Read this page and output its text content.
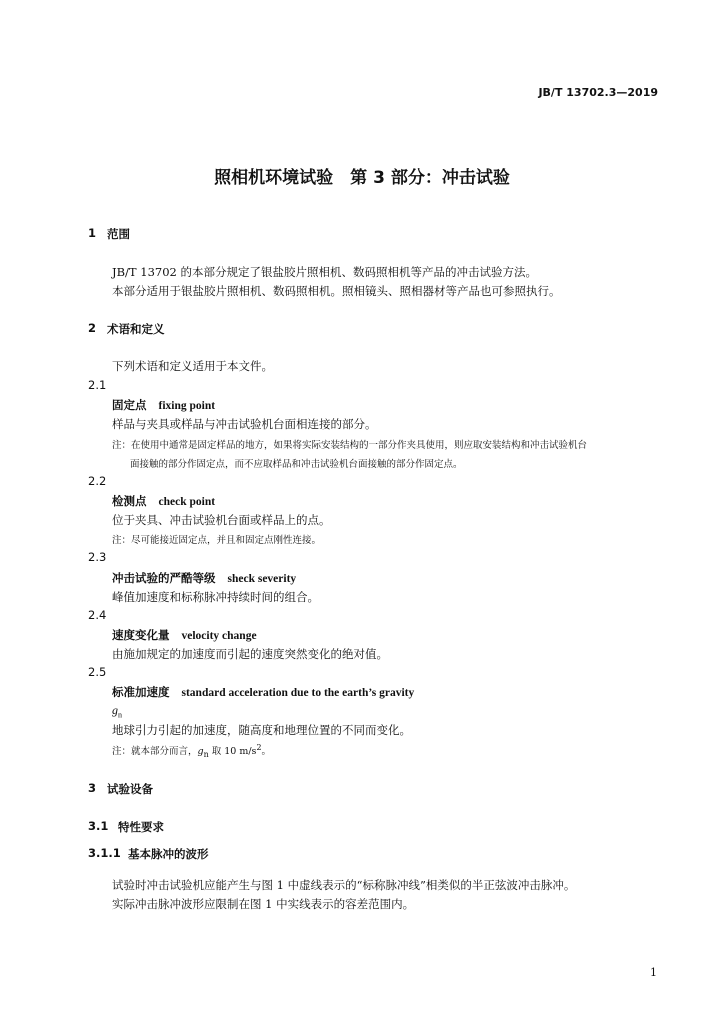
JB/T 13702.3—2019
照相机环境试验　第 3 部分：冲击试验
1 范围
JB/T 13702 的本部分规定了银盐胶片照相机、数码照相机等产品的冲击试验方法。
本部分适用于银盐胶片照相机、数码照相机。照相镜头、照相器材等产品也可参照执行。
2 术语和定义
下列术语和定义适用于本文件。
2.1
固定点 fixing point
样品与夹具或样品与冲击试验机台面相连接的部分。
注：在使用中通常是固定样品的地方，如果将实际安装结构的一部分作夹具使用，则应取安装结构和冲击试验机台
面接触的部分作固定点，而不应取样品和冲击试验机台面接触的部分作固定点。
2.2
检测点 check point
位于夹具、冲击试验机台面或样品上的点。
注：尽可能接近固定点，并且和固定点刚性连接。
2.3
冲击试验的严酷等级 sheck severity
峰值加速度和标称脉冲持续时间的组合。
2.4
速度变化量 velocity change
由施加规定的加速度而引起的速度突然变化的绝对值。
2.5
标准加速度 standard acceleration due to the earth’s gravity
$g_n$
地球引力引起的加速度，随高度和地理位置的不同而变化。
注：就本部分而言，$g_n$ 取 10 $m/s^2$。
3 试验设备
3.1 特性要求
3.1.1 基本脉冲的波形
试验时冲击试验机应能产生与图 1 中虚线表示的“标称脉冲线”相类似的半正弦波冲击脉冲。
实际冲击脉冲波形应限制在图 1 中实线表示的容差范围内。
1
